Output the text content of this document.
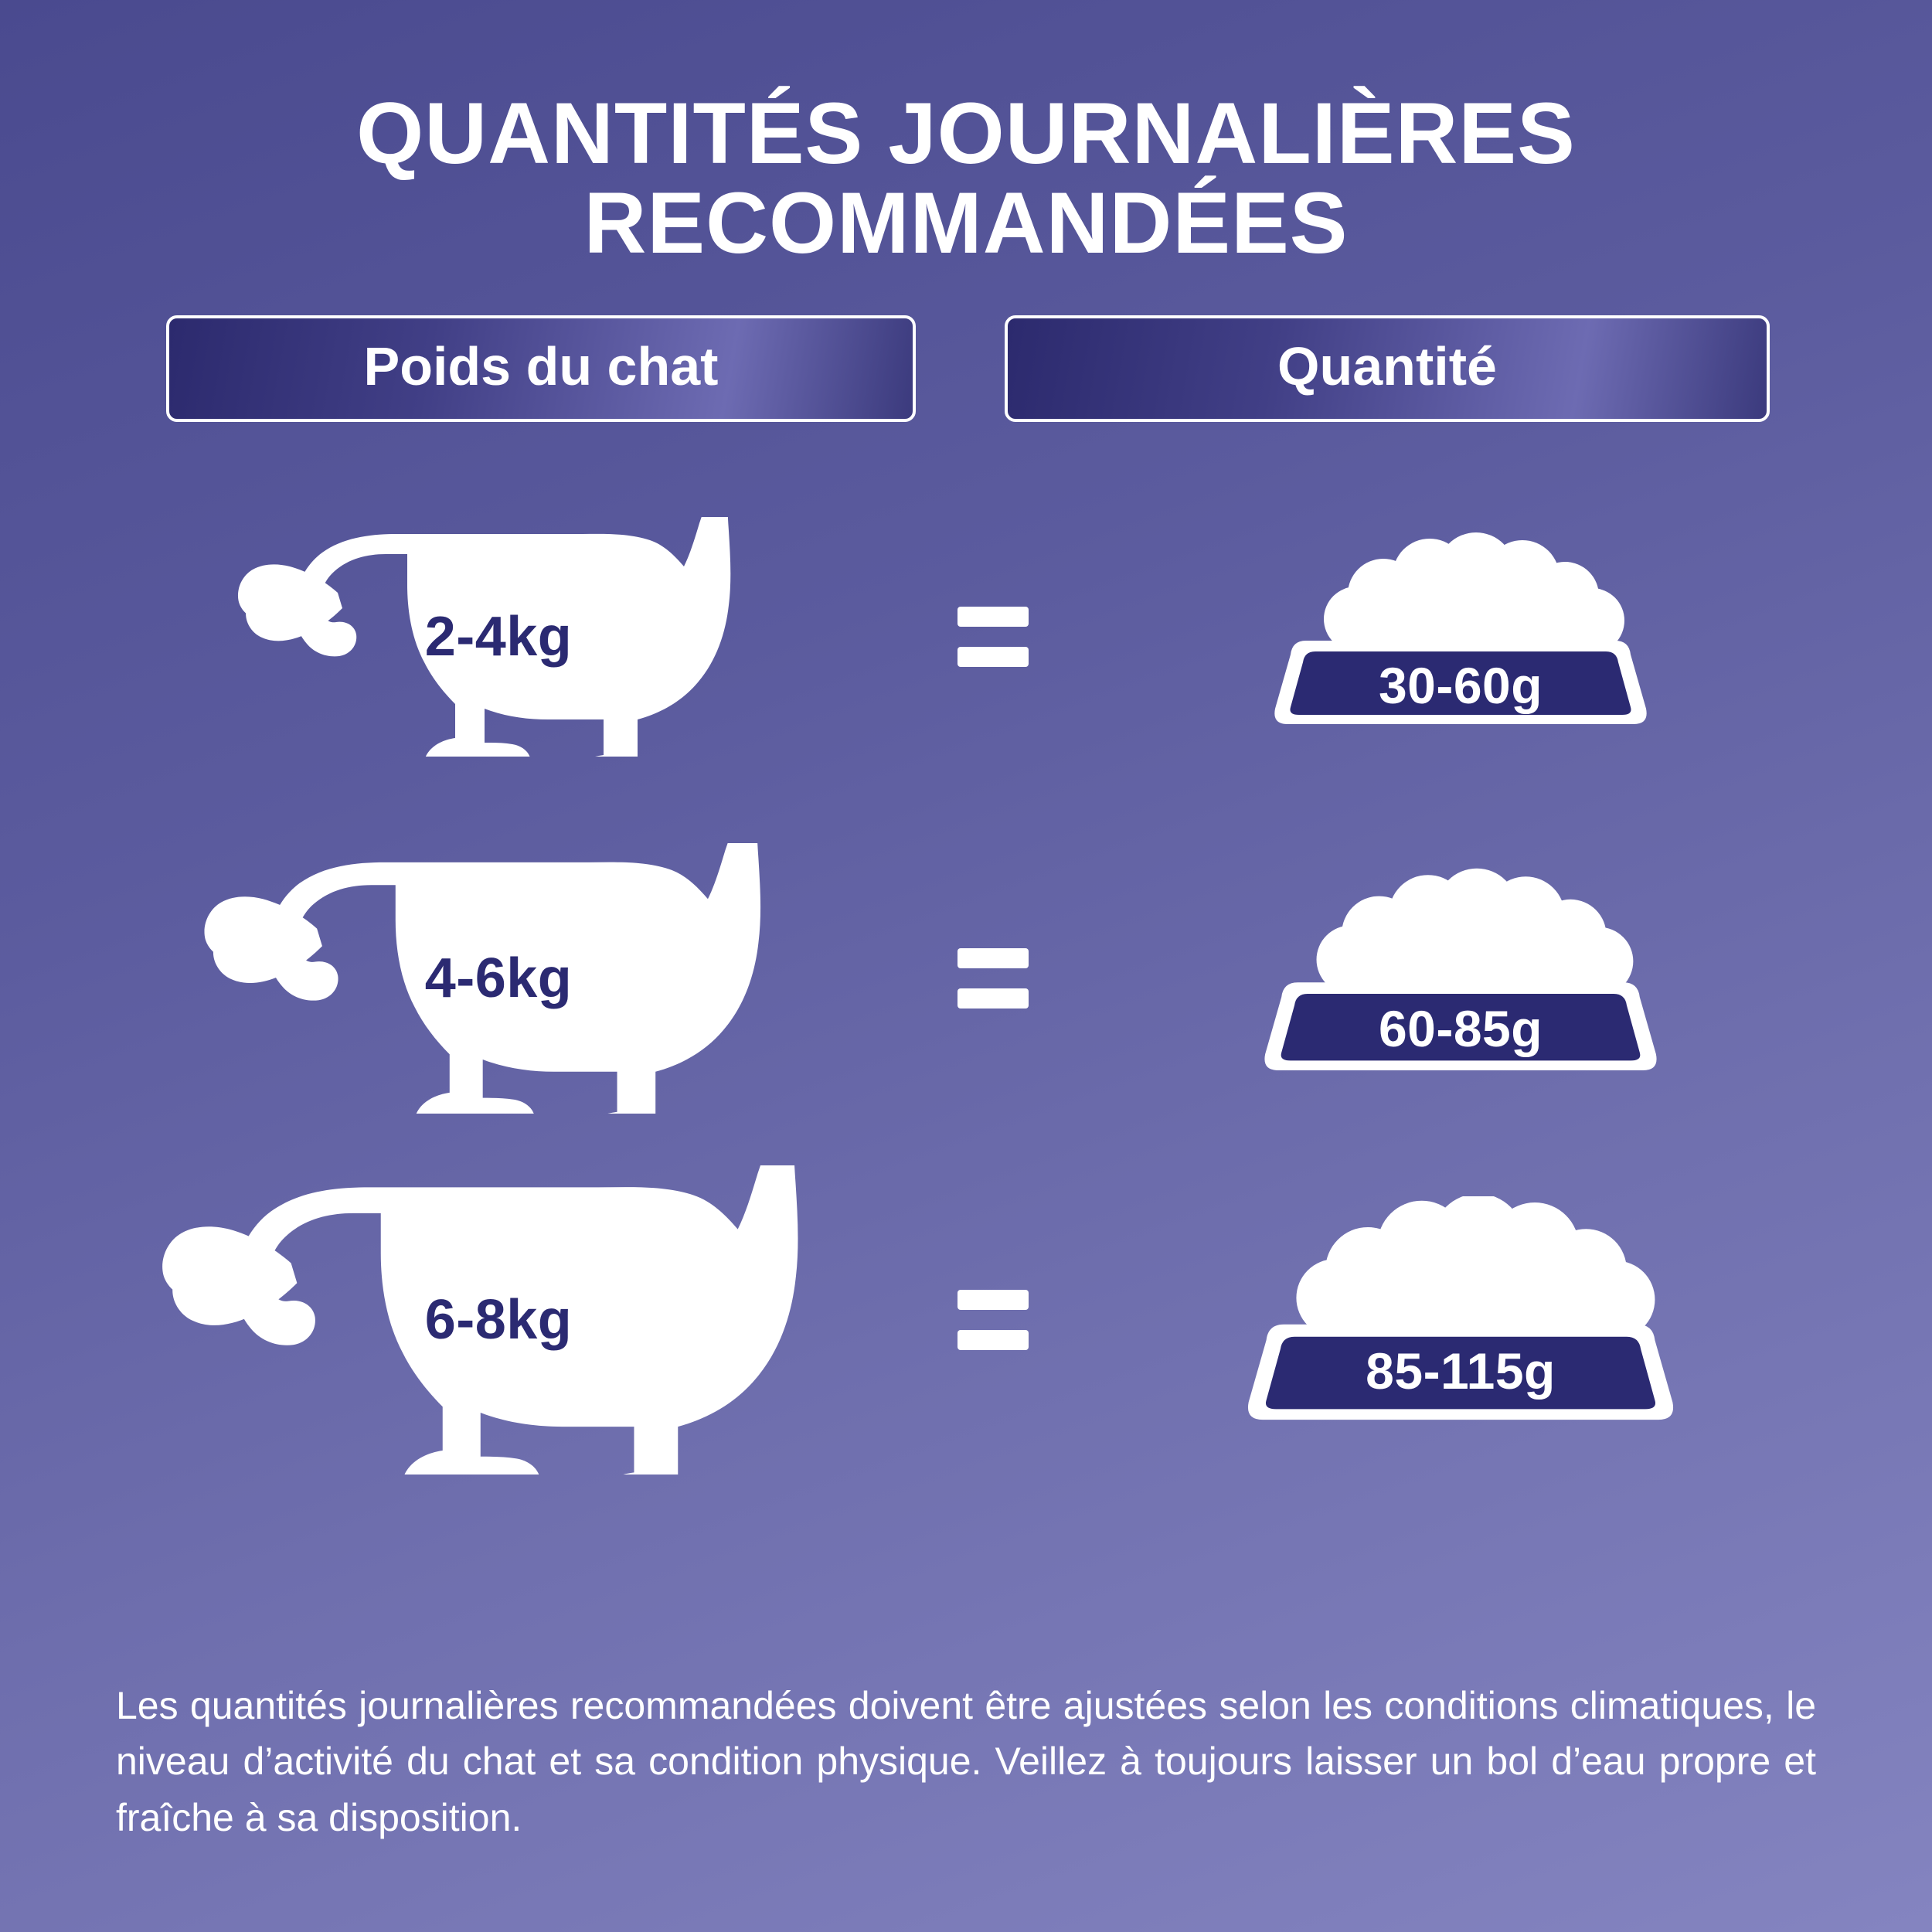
QUANTITÉS JOURNALIÈRES RECOMMANDÉES
Poids du chat	Quantité
2-4kg
30-60g
4-6kg
60-85g
6-8kg
85-115g
Les quantités journalières recommandées doivent être ajustées selon les conditions climatiques, le niveau d’activité du chat et sa condition physique. Veillez à toujours laisser un bol d’eau propre et fraîche à sa disposition.
